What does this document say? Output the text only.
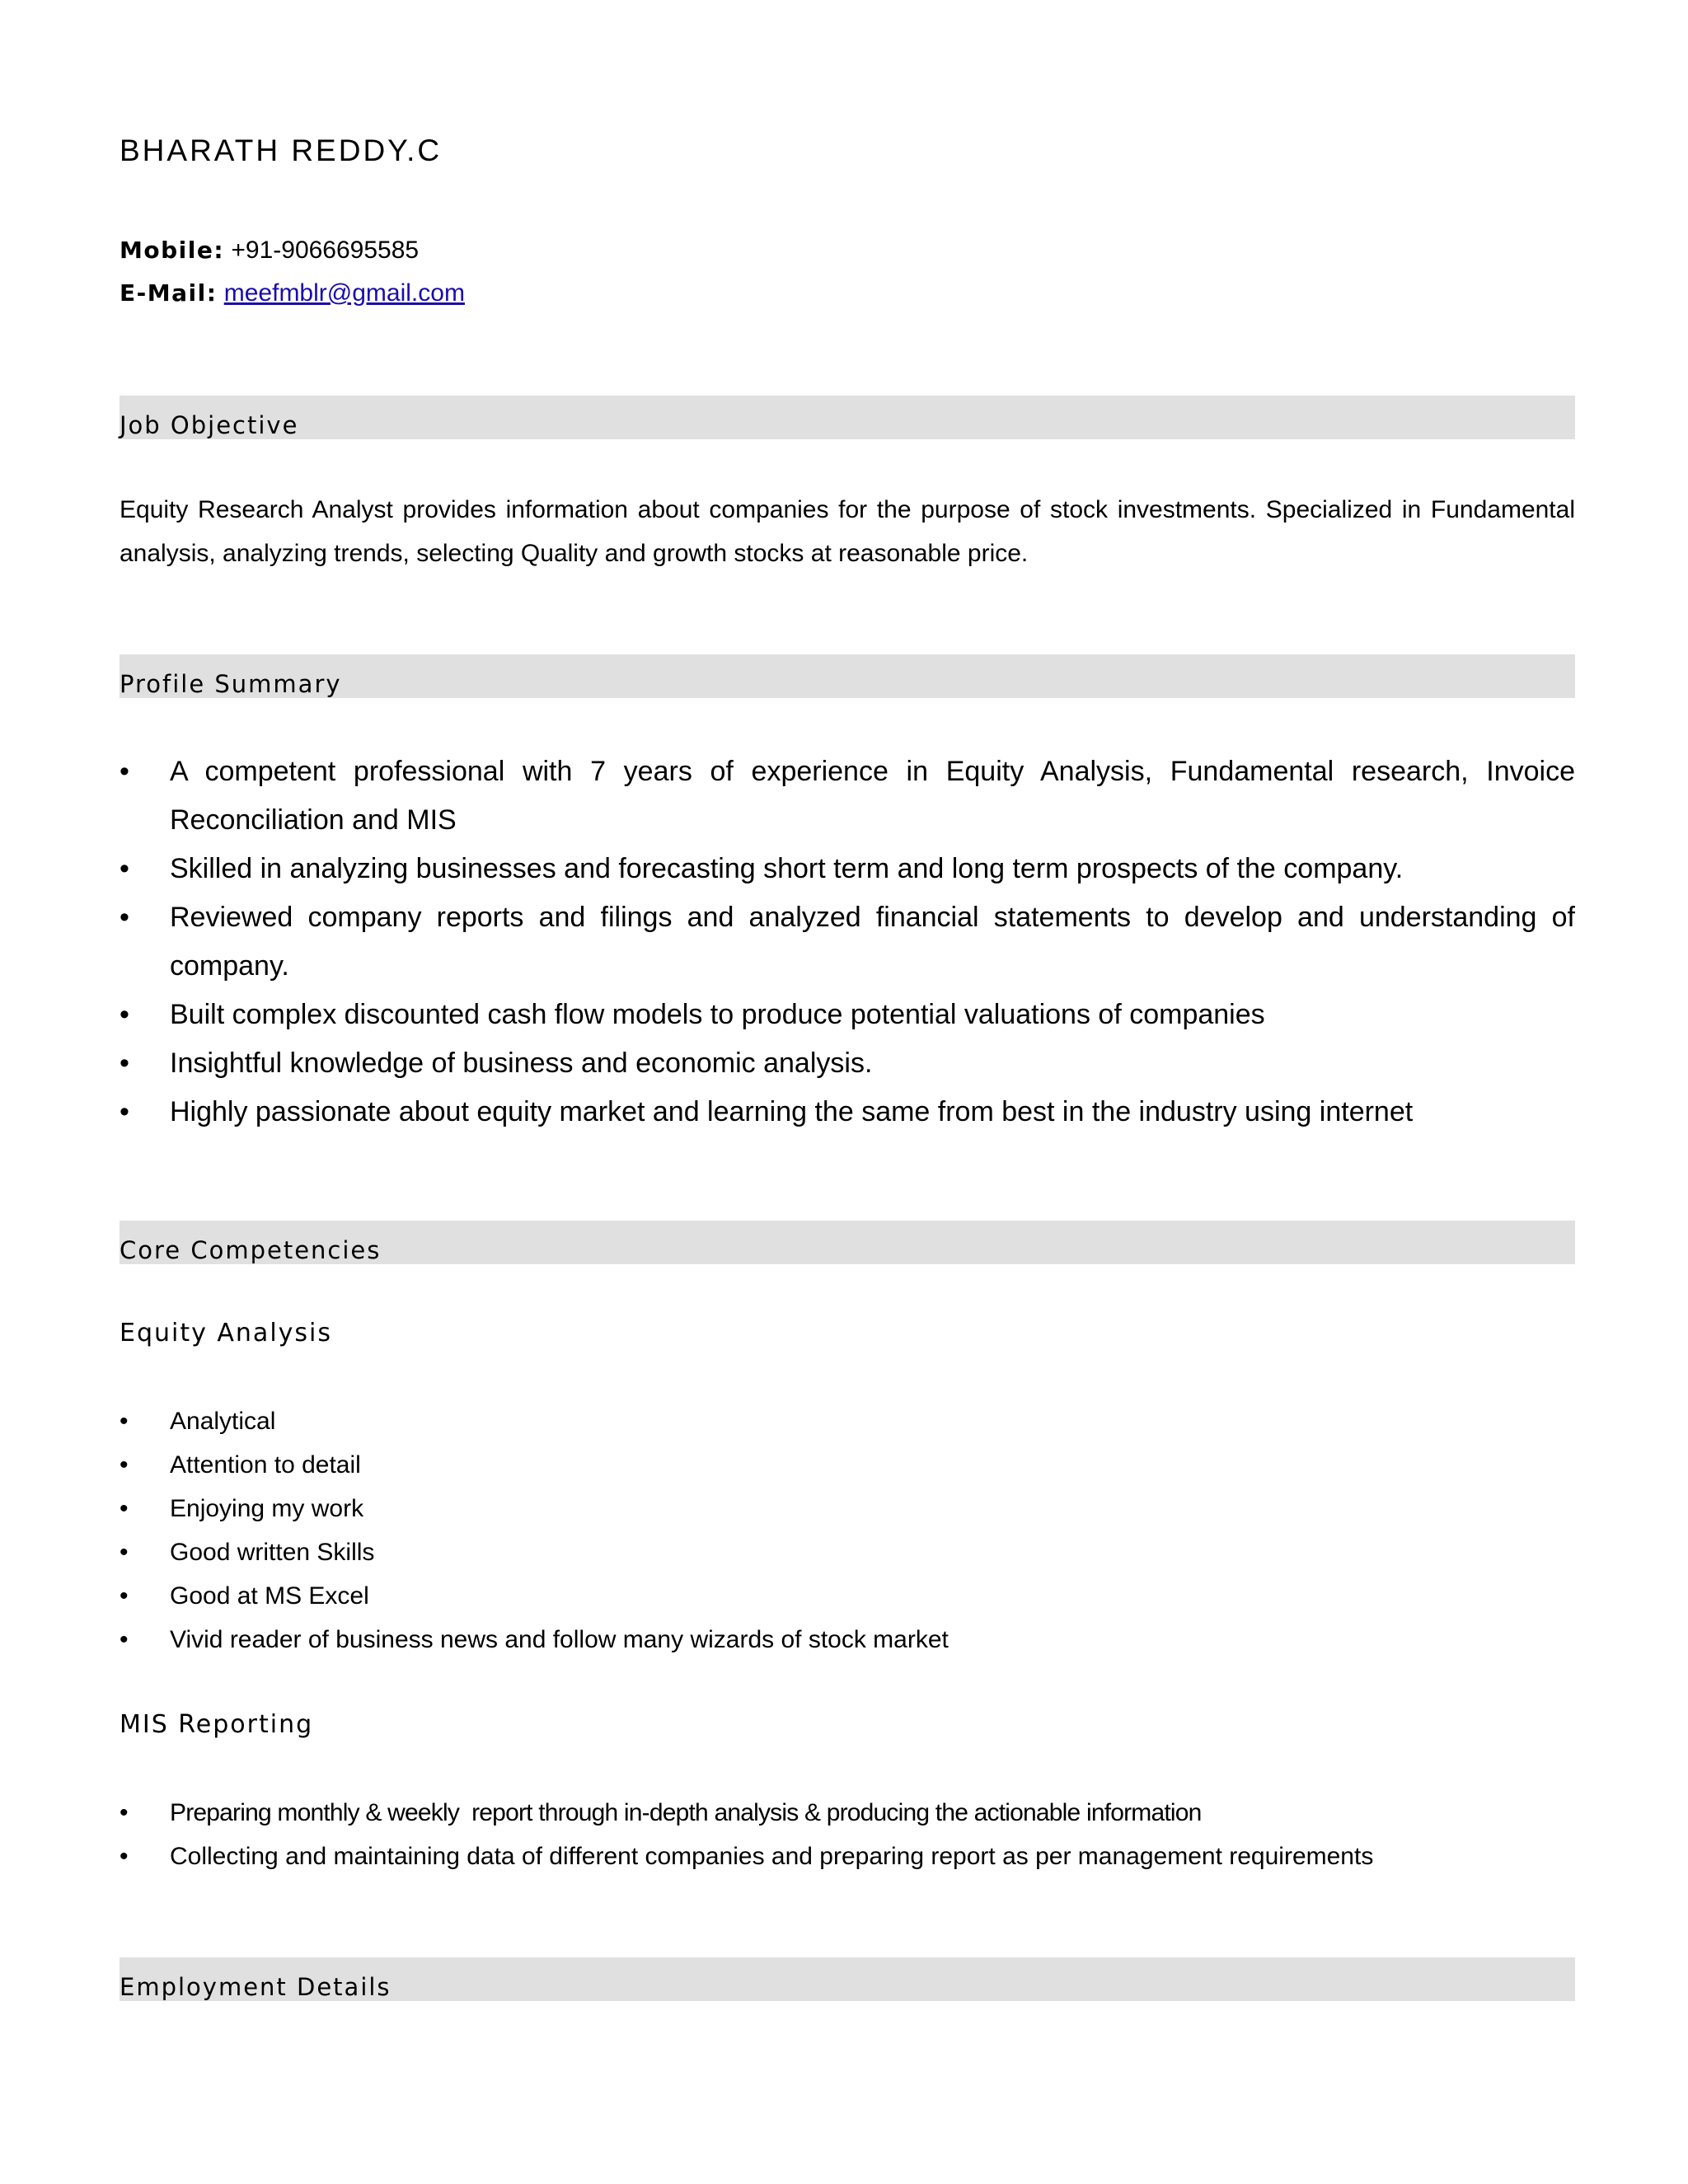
BHARATH REDDY.C
Mobile: +91-9066695585
E-Mail: meefmblr@gmail.com
Job Objective
Equity Research Analyst provides information about companies for the purpose of stock investments. Specialized in Fundamental analysis, analyzing trends, selecting Quality and growth stocks at reasonable price.
Profile Summary
• A competent professional with 7 years of experience in Equity Analysis, Fundamental research, Invoice Reconciliation and MIS
• Skilled in analyzing businesses and forecasting short term and long term prospects of the company.
• Reviewed company reports and filings and analyzed financial statements to develop and understanding of company.
• Built complex discounted cash flow models to produce potential valuations of companies
• Insightful knowledge of business and economic analysis.
• Highly passionate about equity market and learning the same from best in the industry using internet
Core Competencies
Equity Analysis
• Analytical
• Attention to detail
• Enjoying my work
• Good written Skills
• Good at MS Excel
• Vivid reader of business news and follow many wizards of stock market
MIS Reporting
• Preparing monthly & weekly  report through in-depth analysis & producing the actionable information
• Collecting and maintaining data of different companies and preparing report as per management requirements
Employment Details
